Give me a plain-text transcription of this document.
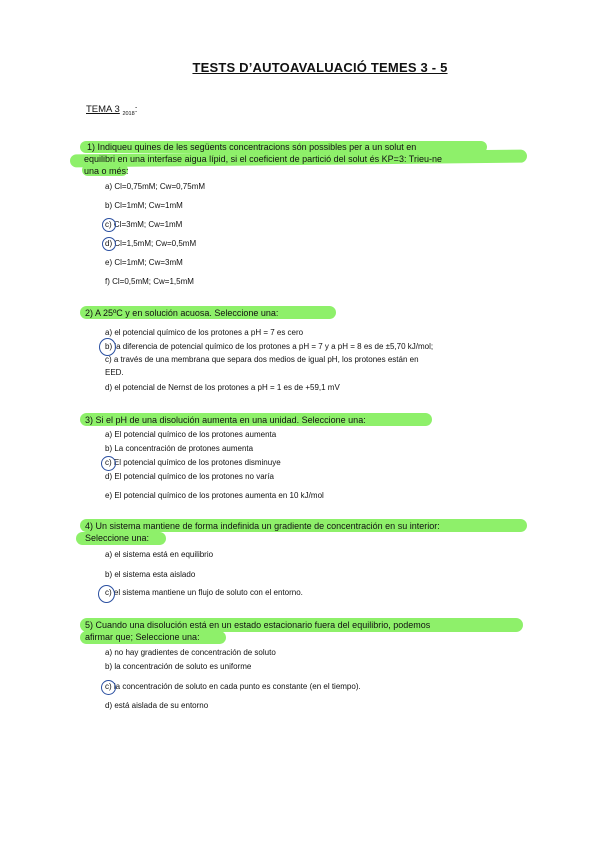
TESTS D’AUTOAVALUACIÓ TEMES 3 - 5
TEMA 3 $_{2018}$:
1) Indiqueu quines de les següents concentracions són possibles per a un solut en
equilibri en una interfase aigua lípid, si el coeficient de partició del solut és KP=3: Trieu-ne
una o més:
a) Cl=0,75mM; Cw=0,75mM
b) Cl=1mM; Cw=1mM
c) Cl=3mM; Cw=1mM
d) Cl=1,5mM; Cw=0,5mM
e) Cl=1mM; Cw=3mM
f) Cl=0,5mM; Cw=1,5mM
2) A 25ºC y en solución acuosa. Seleccione una:
a) el potencial químico de los protones a pH = 7 es cero
b) la diferencia de potencial químico de los protones a pH = 7 y a pH = 8 es de ±5,70 kJ/mol;
c) a través de una membrana que separa dos medios de igual pH, los protones están en
EED.
d) el potencial de Nernst de los protones a pH = 1 es de +59,1 mV
3) Si el pH de una disolución aumenta en una unidad. Seleccione una:
a) El potencial químico de los protones aumenta
b) La concentración de protones aumenta
c) El potencial químico de los protones disminuye
d) El potencial químico de los protones no varía
e) El potencial químico de los protones aumenta en 10 kJ/mol
4) Un sistema mantiene de forma indefinida un gradiente de concentración en su interior:
Seleccione una:
a) el sistema está en equilibrio
b) el sistema esta aislado
c) el sistema mantiene un flujo de soluto con el entorno.
5) Cuando una disolución está en un estado estacionario fuera del equilibrio, podemos
afirmar que; Seleccione una:
a) no hay gradientes de concentración de soluto
b) la concentración de soluto es uniforme
c) la concentración de soluto en cada punto es constante (en el tiempo).
d) está aislada de su entorno
